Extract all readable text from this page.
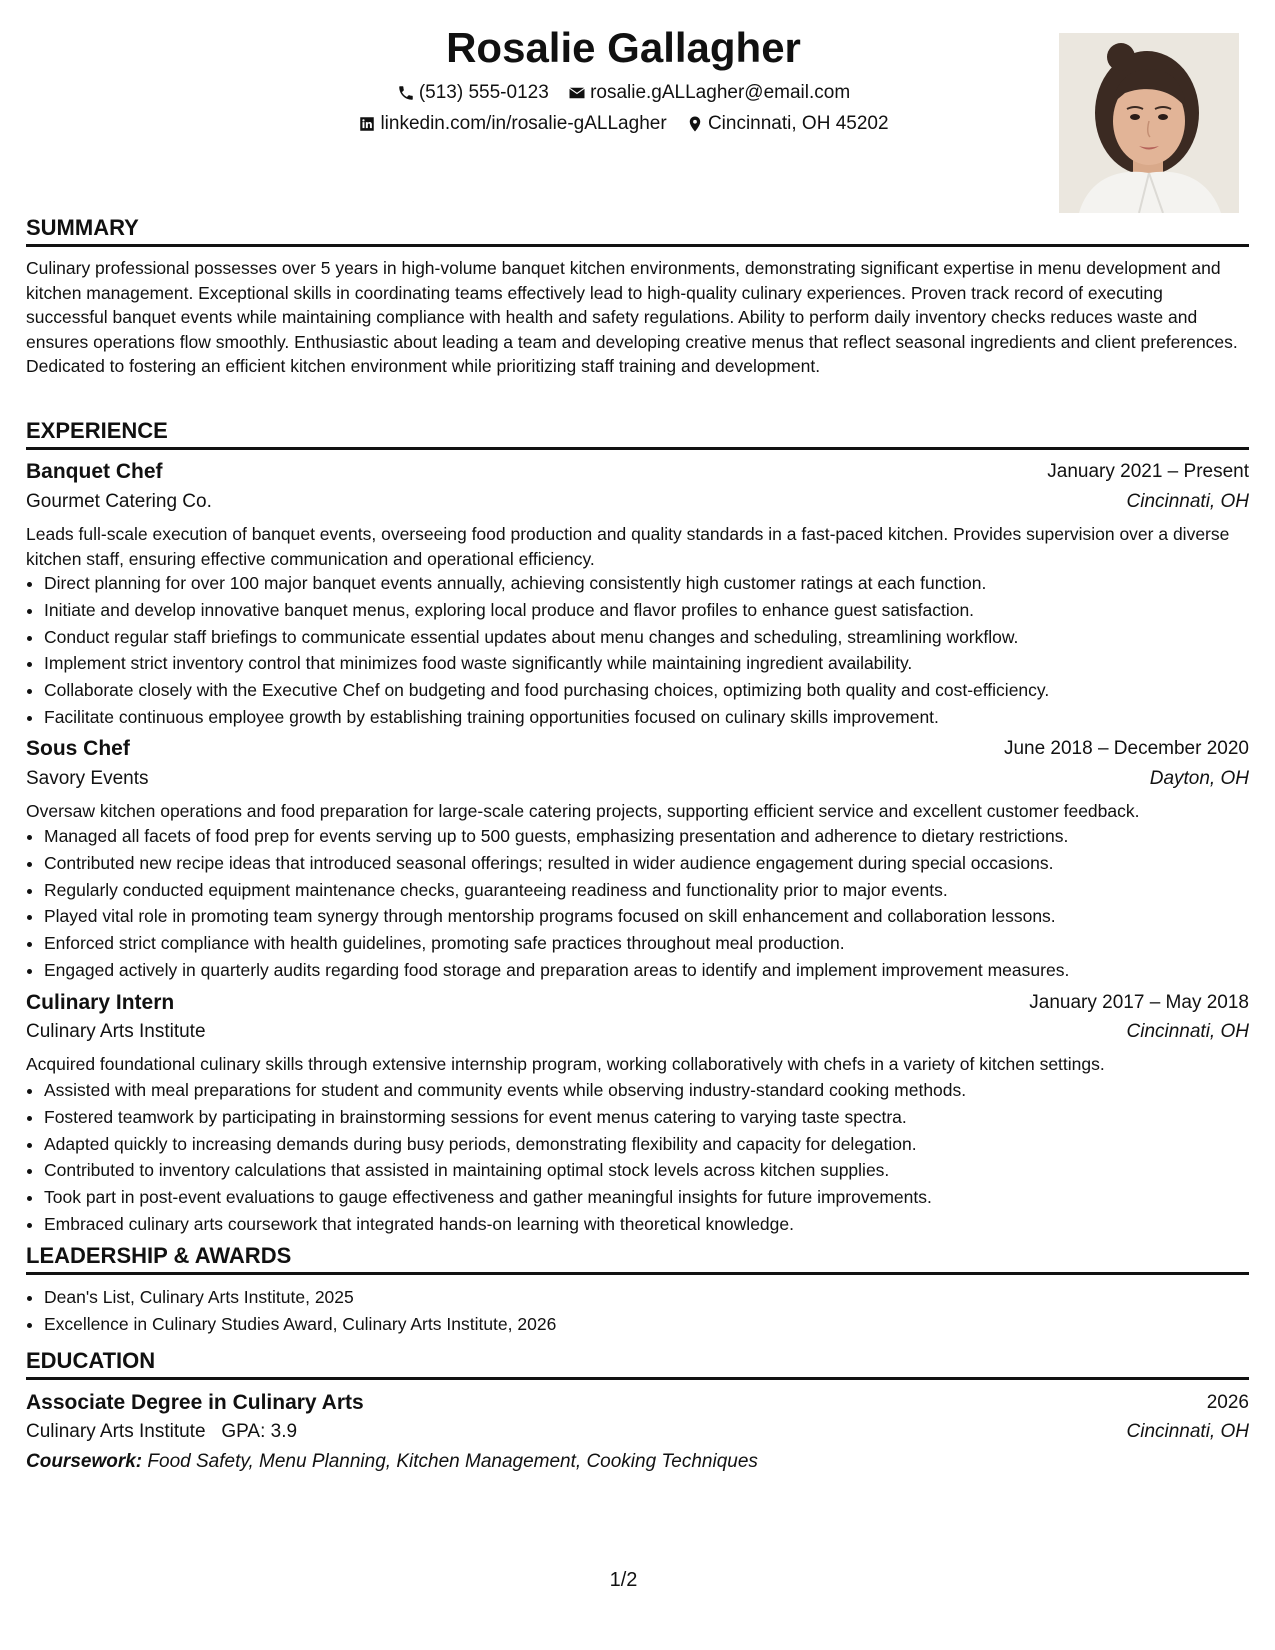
Rosalie Gallagher
(513) 555-0123
rosalie.gALLagher@email.com
linkedin.com/in/rosalie-gALLagher
Cincinnati, OH 45202
SUMMARY
Culinary professional possesses over 5 years in high-volume banquet kitchen environments, demonstrating significant expertise in menu development and kitchen management. Exceptional skills in coordinating teams effectively lead to high-quality culinary experiences. Proven track record of executing successful banquet events while maintaining compliance with health and safety regulations. Ability to perform daily inventory checks reduces waste and ensures operations flow smoothly. Enthusiastic about leading a team and developing creative menus that reflect seasonal ingredients and client preferences. Dedicated to fostering an efficient kitchen environment while prioritizing staff training and development.
EXPERIENCE
Banquet Chef	January 2021 – Present
Gourmet Catering Co.	Cincinnati, OH
Leads full-scale execution of banquet events, overseeing food production and quality standards in a fast-paced kitchen. Provides supervision over a diverse kitchen staff, ensuring effective communication and operational efficiency.
• Direct planning for over 100 major banquet events annually, achieving consistently high customer ratings at each function.
• Initiate and develop innovative banquet menus, exploring local produce and flavor profiles to enhance guest satisfaction.
• Conduct regular staff briefings to communicate essential updates about menu changes and scheduling, streamlining workflow.
• Implement strict inventory control that minimizes food waste significantly while maintaining ingredient availability.
• Collaborate closely with the Executive Chef on budgeting and food purchasing choices, optimizing both quality and cost-efficiency.
• Facilitate continuous employee growth by establishing training opportunities focused on culinary skills improvement.
Sous Chef	June 2018 – December 2020
Savory Events	Dayton, OH
Oversaw kitchen operations and food preparation for large-scale catering projects, supporting efficient service and excellent customer feedback.
• Managed all facets of food prep for events serving up to 500 guests, emphasizing presentation and adherence to dietary restrictions.
• Contributed new recipe ideas that introduced seasonal offerings; resulted in wider audience engagement during special occasions.
• Regularly conducted equipment maintenance checks, guaranteeing readiness and functionality prior to major events.
• Played vital role in promoting team synergy through mentorship programs focused on skill enhancement and collaboration lessons.
• Enforced strict compliance with health guidelines, promoting safe practices throughout meal production.
• Engaged actively in quarterly audits regarding food storage and preparation areas to identify and implement improvement measures.
Culinary Intern	January 2017 – May 2018
Culinary Arts Institute	Cincinnati, OH
Acquired foundational culinary skills through extensive internship program, working collaboratively with chefs in a variety of kitchen settings.
• Assisted with meal preparations for student and community events while observing industry-standard cooking methods.
• Fostered teamwork by participating in brainstorming sessions for event menus catering to varying taste spectra.
• Adapted quickly to increasing demands during busy periods, demonstrating flexibility and capacity for delegation.
• Contributed to inventory calculations that assisted in maintaining optimal stock levels across kitchen supplies.
• Took part in post-event evaluations to gauge effectiveness and gather meaningful insights for future improvements.
• Embraced culinary arts coursework that integrated hands-on learning with theoretical knowledge.
LEADERSHIP & AWARDS
• Dean's List, Culinary Arts Institute, 2025
• Excellence in Culinary Studies Award, Culinary Arts Institute, 2026
EDUCATION
Associate Degree in Culinary Arts	2026
Culinary Arts Institute GPA: 3.9	Cincinnati, OH
Coursework: Food Safety, Menu Planning, Kitchen Management, Cooking Techniques
1/2
